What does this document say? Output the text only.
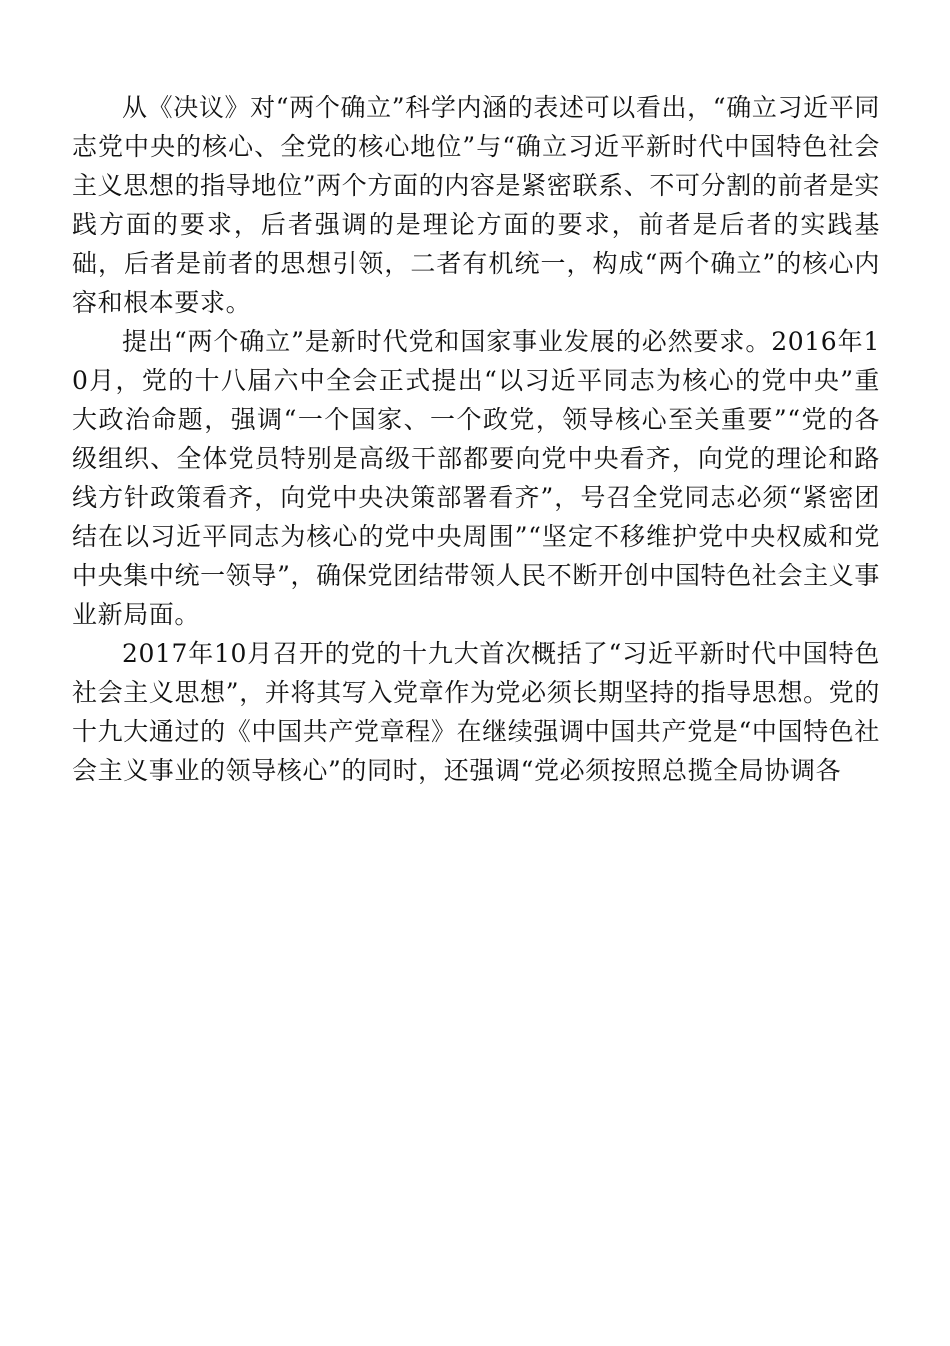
从《决议》对“两个确立”科学内涵的表述可以看出，“确立习近平同志党中央的核心、全党的核心地位”与“确立习近平新时代中国特色社会主义思想的指导地位”两个方面的内容是紧密联系、不可分割的前者是实践方面的要求，后者强调的是理论方面的要求，前者是后者的实践基础，后者是前者的思想引领，二者有机统一，构成“两个确立”的核心内容和根本要求。

提出“两个确立”是新时代党和国家事业发展的必然要求。2016年10月，党的十八届六中全会正式提出“以习近平同志为核心的党中央”重大政治命题，强调“一个国家、一个政党，领导核心至关重要”“党的各级组织、全体党员特别是高级干部都要向党中央看齐，向党的理论和路线方针政策看齐，向党中央决策部署看齐”，号召全党同志必须“紧密团结在以习近平同志为核心的党中央周围”“坚定不移维护党中央权威和党中央集中统一领导”，确保党团结带领人民不断开创中国特色社会主义事业新局面。

2017年10月召开的党的十九大首次概括了“习近平新时代中国特色社会主义思想”，并将其写入党章作为党必须长期坚持的指导思想。党的十九大通过的《中国共产党章程》在继续强调中国共产党是“中国特色社会主义事业的领导核心”的同时，还强调“党必须按照总揽全局协调各
